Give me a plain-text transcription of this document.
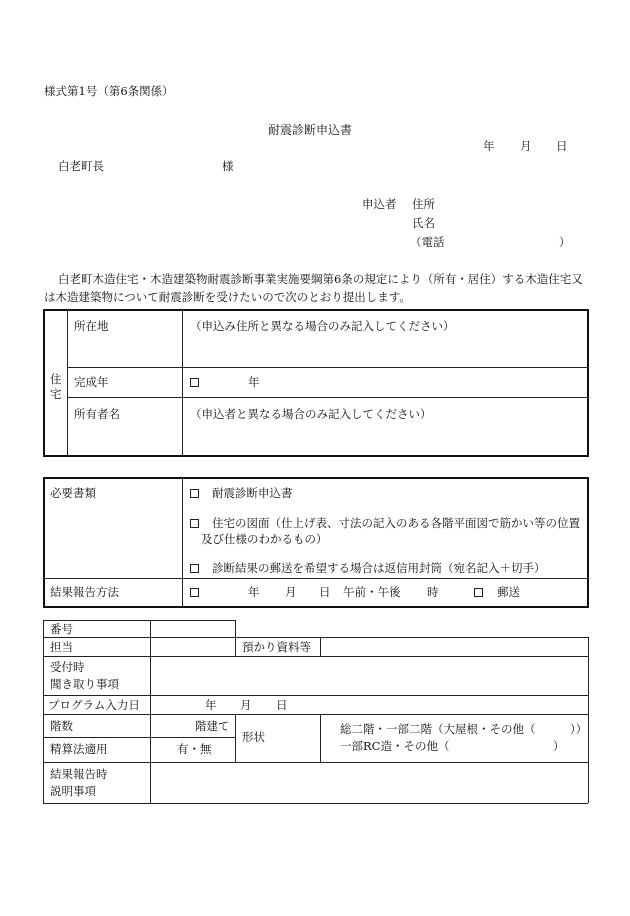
様式第1号（第6条関係）
耐震診断申込書
年 月 日
白老町長	様
申込者 住所
氏名
（電話	）
白老町木造住宅・木造建築物耐震診断事業実施要綱第6条の規定により（所有・居住）する木造住宅又
は木造建築物について耐震診断を受けたいので次のとおり提出します。
住
宅
所在地	（申込み住所と異なる場合のみ記入してください）
完成年	年
所有者名	（申込者と異なる場合のみ記入してください）
必要書類	耐震診断申込書
住宅の図面（仕上げ表、寸法の記入のある各階平面図で筋かい等の位置
及び仕様のわかるもの）
診断結果の郵送を希望する場合は返信用封筒（宛名記入＋切手）
結果報告方法	年 月 日 午前・午後 時	郵送
番号
担当	預かり資料等
受付時
聞き取り事項
プログラム入力日	年 月 日
階数	階建て
精算法適用	有・無
形状
総二階・一部二階（大屋根・その他（　　　））
一部RC造・その他（　　　　　　　　　）
結果報告時
説明事項
